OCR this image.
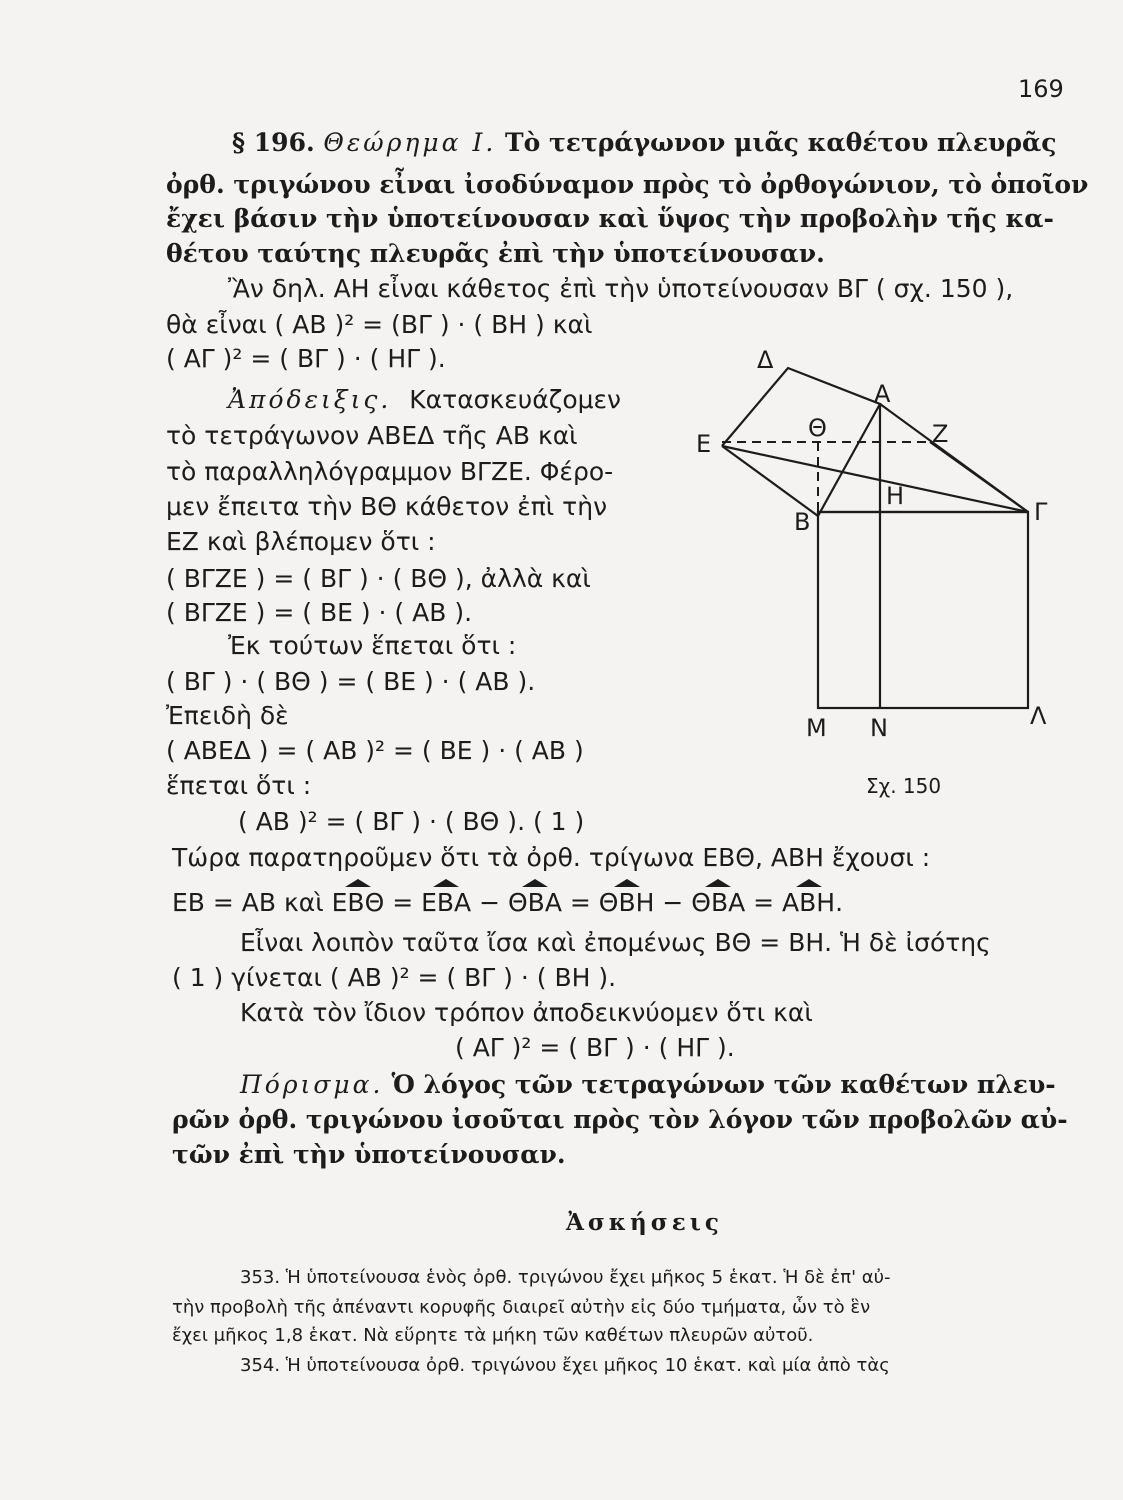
169
§ 196. Θεώρημα Ι. Τὸ τετράγωνον μιᾶς καθέτου πλευρᾶς
ὀρθ. τριγώνου εἶναι ἰσοδύναμον πρὸς τὸ ὀρθογώνιον, τὸ ὁποῖον
ἔχει βάσιν τὴν ὑποτείνουσαν καὶ ὕψος τὴν προβολὴν τῆς κα-
θέτου ταύτης πλευρᾶς ἐπὶ τὴν ὑποτείνουσαν.
Ἂν δηλ. ΑΗ εἶναι κάθετος ἐπὶ τὴν ὑποτείνουσαν ΒΓ ( σχ. 150 ),
θὰ εἶναι ( ΑΒ )² = (ΒΓ ) · ( ΒΗ ) καὶ
( ΑΓ )² = ( ΒΓ ) · ( ΗΓ ).
Ἀπόδειξις. Κατασκευάζομεν
τὸ τετράγωνον ΑΒΕΔ τῆς ΑΒ καὶ
τὸ παραλληλόγραμμον ΒΓΖΕ. Φέρο-
μεν ἔπειτα τὴν ΒΘ κάθετον ἐπὶ τὴν
ΕΖ καὶ βλέπομεν ὅτι :
( ΒΓΖΕ ) = ( ΒΓ ) · ( ΒΘ ), ἀλλὰ καὶ
( ΒΓΖΕ ) = ( ΒΕ ) · ( ΑΒ ).
Ἐκ τούτων ἕπεται ὅτι :
( ΒΓ ) · ( ΒΘ ) = ( ΒΕ ) · ( ΑΒ ).
Ἐπειδὴ δὲ
( ΑΒΕΔ ) = ( ΑΒ )² = ( ΒΕ ) · ( ΑΒ )
ἕπεται ὅτι :
( ΑΒ )² = ( ΒΓ ) · ( ΒΘ ). ( 1 )
Τώρα παρατηροῦμεν ὅτι τὰ ὀρθ. τρίγωνα ΕΒΘ, ΑΒΗ ἔχουσι :
ΕΒ = ΑΒ καὶ ΕΒΘ
= ΕΒΑ
− ΘΒΑ
= ΘΒΗ
− ΘΒΑ
= ΑΒΗ
.
Εἶναι λοιπὸν ταῦτα ἴσα καὶ ἐπομένως ΒΘ = ΒΗ. Ἡ δὲ ἰσότης
( 1 ) γίνεται ( ΑΒ )² = ( ΒΓ ) · ( ΒΗ ).
Κατὰ τὸν ἴδιον τρόπον ἀποδεικνύομεν ὅτι καὶ
( ΑΓ )² = ( ΒΓ ) · ( ΗΓ ).
Δ
Α
Ε
Θ	Ζ
Η
Β	Γ
Μ Ν	Λ
Σχ. 150
Πόρισμα. Ὁ λόγος τῶν τετραγώνων τῶν καθέτων πλευ-
ρῶν ὀρθ. τριγώνου ἰσοῦται πρὸς τὸν λόγον τῶν προβολῶν αὐ-
τῶν ἐπὶ τὴν ὑποτείνουσαν.
Ἀσκήσεις
353. Ἡ ὑποτείνουσα ἑνὸς ὀρθ. τριγώνου ἔχει μῆκος 5 ἑκατ. Ἡ δὲ ἐπ' αὐ-
τὴν προβολὴ τῆς ἀπέναντι κορυφῆς διαιρεῖ αὐτὴν εἰς δύο τμήματα, ὧν τὸ ἓν
ἔχει μῆκος 1,8 ἑκατ. Νὰ εὕρητε τὰ μήκη τῶν καθέτων πλευρῶν αὐτοῦ.
354. Ἡ ὑποτείνουσα ὀρθ. τριγώνου ἔχει μῆκος 10 ἑκατ. καὶ μία ἀπὸ τὰς
